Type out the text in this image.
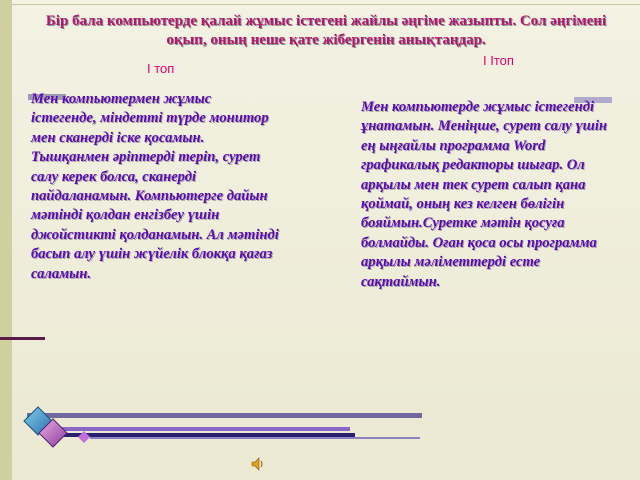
Бір бала компьютерде қалай жұмыс істегені жайлы әңгіме жазыпты. Сол әңгімені оқып, оның неше қате жібергенін анықтаңдар.
І топ
І Ітоп
Мен компьютермен жұмыс істегенде, міндетті түрде монитор мен сканерді іске қосамын. Тышқанмен әріптерді теріп, сурет салу керек болса, сканерді пайдаланамын. Компьютерге дайын мәтінді қолдан енгізбеу үшін джойстикті қолданамын. Ал мәтінді басып алу үшін жүйелік блокқа қағаз саламын.
Мен компьютерде жұмыс істегенді ұнатамын. Меніңше, сурет салу үшін ең ыңғайлы программа Word графикалық редакторы шығар. Ол арқылы мен тек сурет салып қана қоймай, оның кез келген бөлігін бояймын.Суретке мәтін қосуға болмайды. Оған қоса осы программа арқылы мәліметтерді есте сақтаймын.
